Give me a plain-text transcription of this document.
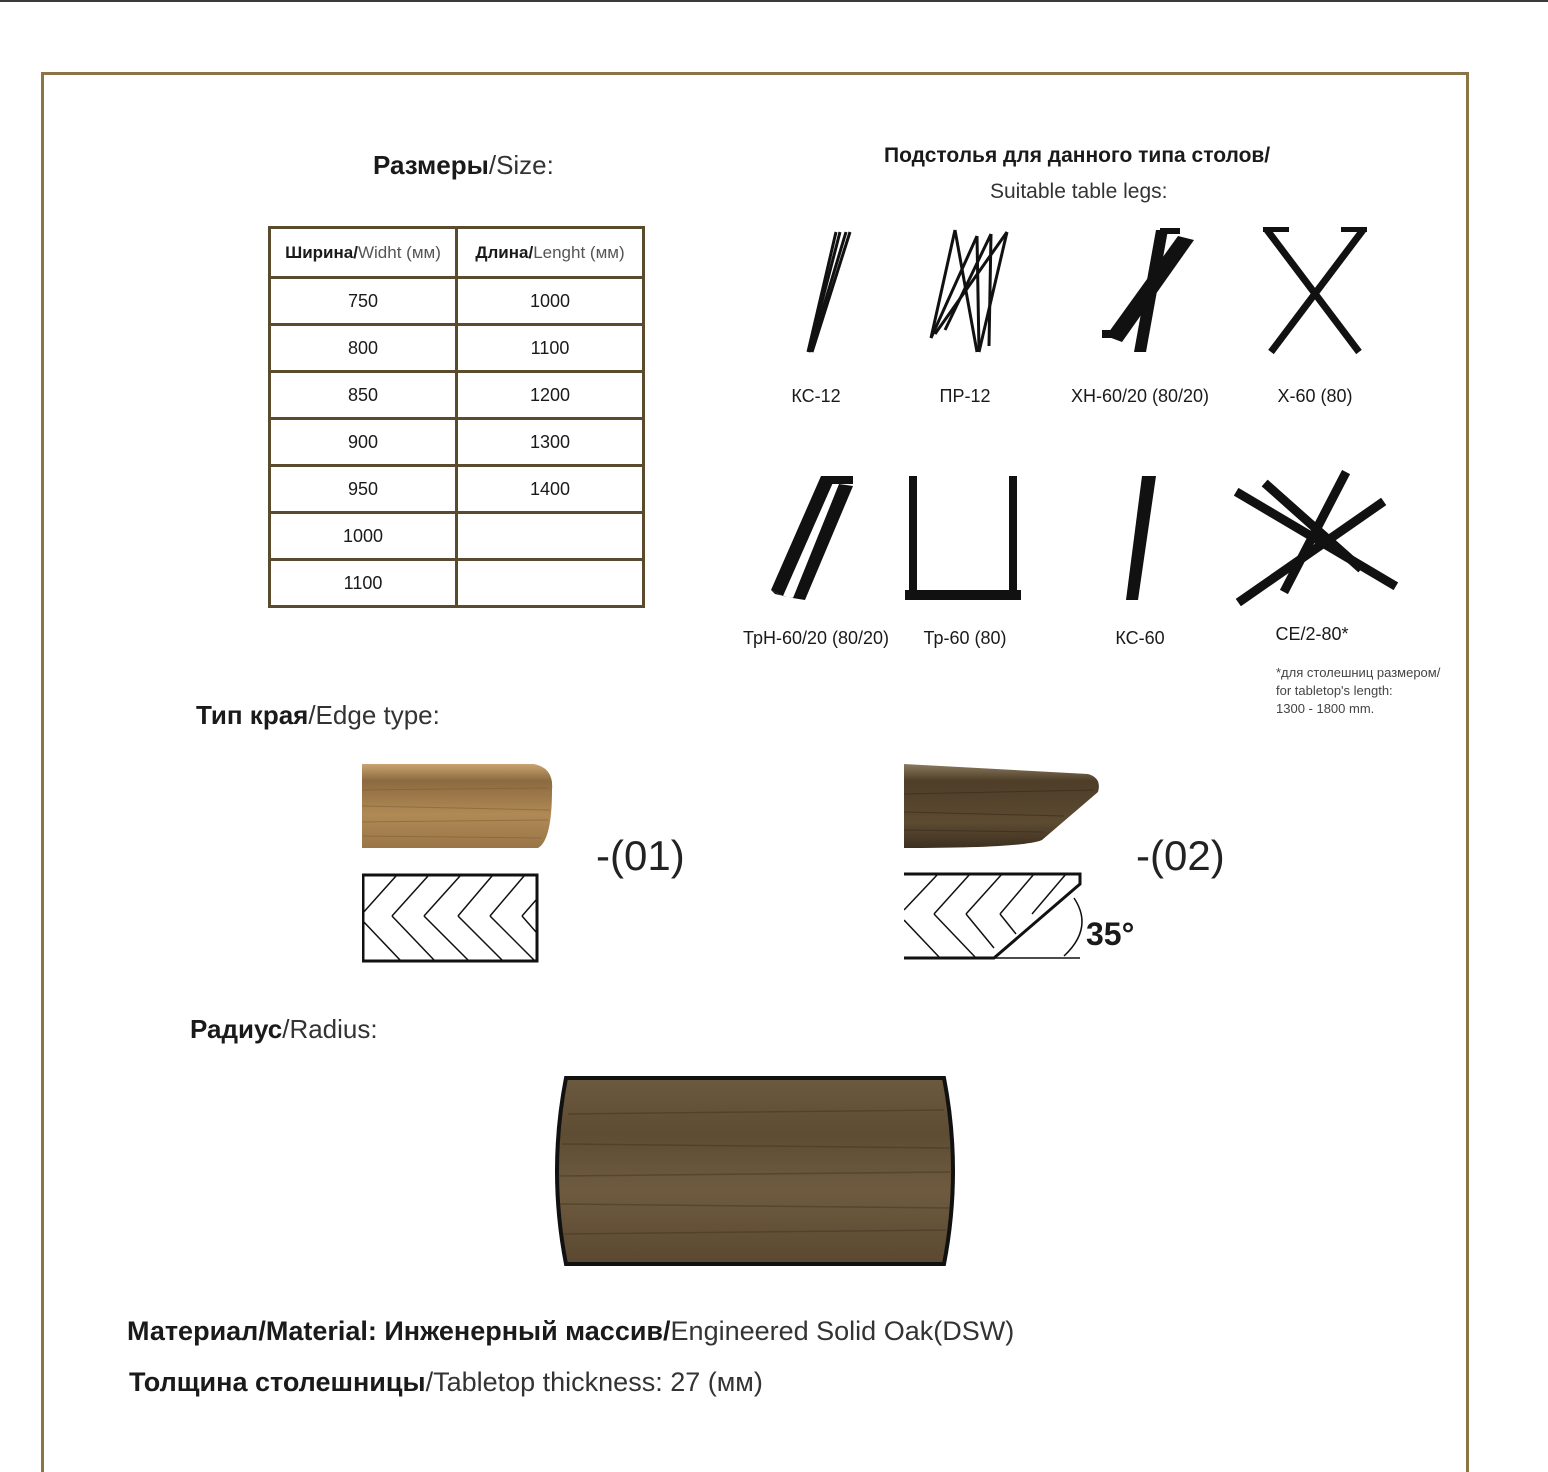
Размеры/Size:
Ширина/Widht (мм)	Длина/Lenght (мм)
750	1000
800	1100
850	1200
900	1300
950	1400
1000	
1100	
Подстолья для данного типа столов/
Suitable table legs:
КС-12	ПР-12	ХН-60/20 (80/20)	Х-60 (80)
ТрН-60/20 (80/20)	Тр-60 (80)	КС-60	СЕ/2-80*
*для столешниц размером/
for tabletop's length:
1300 - 1800 mm.
Тип края/Edge type:
-(01)	-(02)
35°
Радиус/Radius:
Материал/Material: Инженерный массив/Engineered Solid Oak(DSW)
Толщина столешницы/Tabletop thickness: 27 (мм)
